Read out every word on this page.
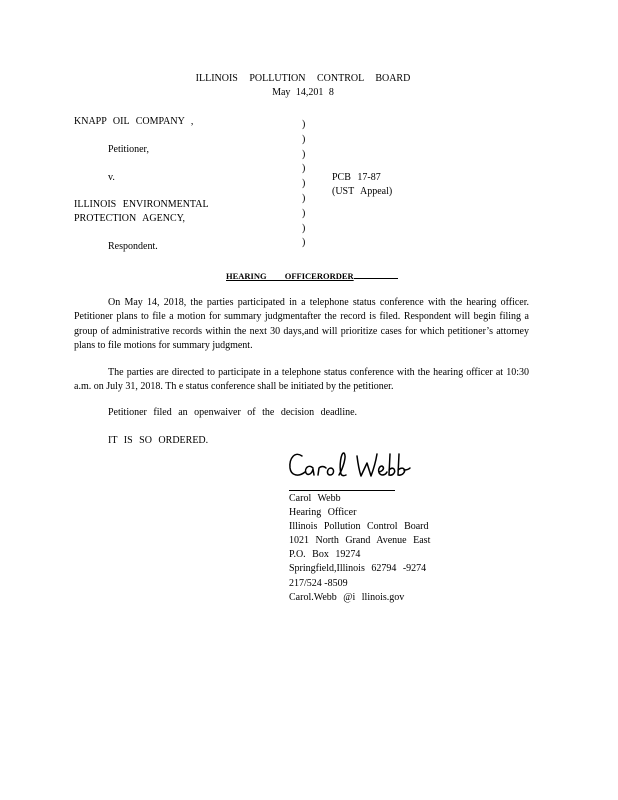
ILLINOIS POLLUTION CONTROL BOARD
May 14,201 8
KNAPP OIL COMPANY ,
Petitioner,
v.
ILLINOIS ENVIRONMENTAL
PROTECTION AGENCY,
Respondent.
)
)
)
)
)
)
)
)
)
PCB 17-87
(UST Appeal)
HEARING OFFICERORDER

On May 14, 2018, the parties participated in a telephone status conference with the hearing officer. Petitioner plans to file a motion for summary judgmentafter the record is filed. Respondent will begin filing a group of administrative records within the next 30 days,and will prioritize cases for which petitioner’s attorney plans to file motions for summary judgment.

The parties are directed to participate in a telephone status conference with the hearing officer at 10:30 a.m. on July 31, 2018. Th e status conference shall be initiated by the petitioner.

Petitioner filed an openwaiver of the decision deadline.
IT IS SO ORDERED.
Carol Webb
Hearing Officer
Illinois Pollution Control Board
1021 North Grand Avenue East
P.O. Box 19274
Springfield,Illinois 62794 -9274
217/524 -8509
Carol.Webb @i llinois.gov
